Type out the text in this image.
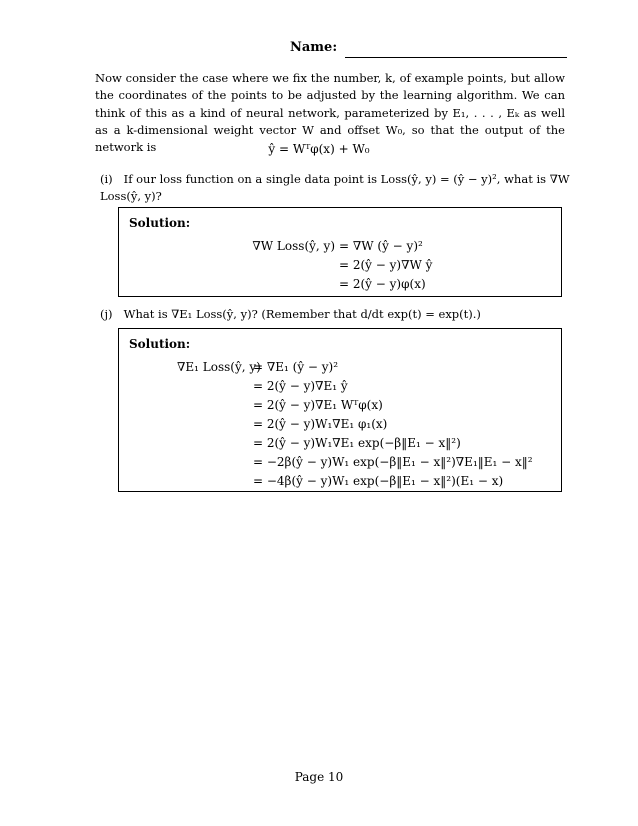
Name:

Now consider the case where we fix the number, k, of example points, but allow the coordinates of the points to be adjusted by the learning algorithm. We can think of this as a kind of neural network, parameterized by E₁, . . . , Eₖ as well as a k-dimensional weight vector W and offset W₀, so that the output of the network is	ŷ = Wᵀφ(x) + W₀
(i) If our loss function on a single data point is Loss(ŷ, y) = (ŷ − y)², what is ∇W Loss(ŷ, y)?
Solution:
∇W Loss(ŷ, y) = ∇W (ŷ − y)²
= 2(ŷ − y)∇W ŷ
= 2(ŷ − y)φ(x)
(j) What is ∇E₁ Loss(ŷ, y)? (Remember that d/dt exp(t) = exp(t).)
Solution:
∇E₁ Loss(ŷ, y)
= ∇E₁ (ŷ − y)²
= 2(ŷ − y)∇E₁ ŷ
= 2(ŷ − y)∇E₁ Wᵀφ(x)
= 2(ŷ − y)W₁∇E₁ φ₁(x)
= 2(ŷ − y)W₁∇E₁ exp(−β‖E₁ − x‖²)
= −2β(ŷ − y)W₁ exp(−β‖E₁ − x‖²)∇E₁‖E₁ − x‖²
= −4β(ŷ − y)W₁ exp(−β‖E₁ − x‖²)(E₁ − x)
Page 10
